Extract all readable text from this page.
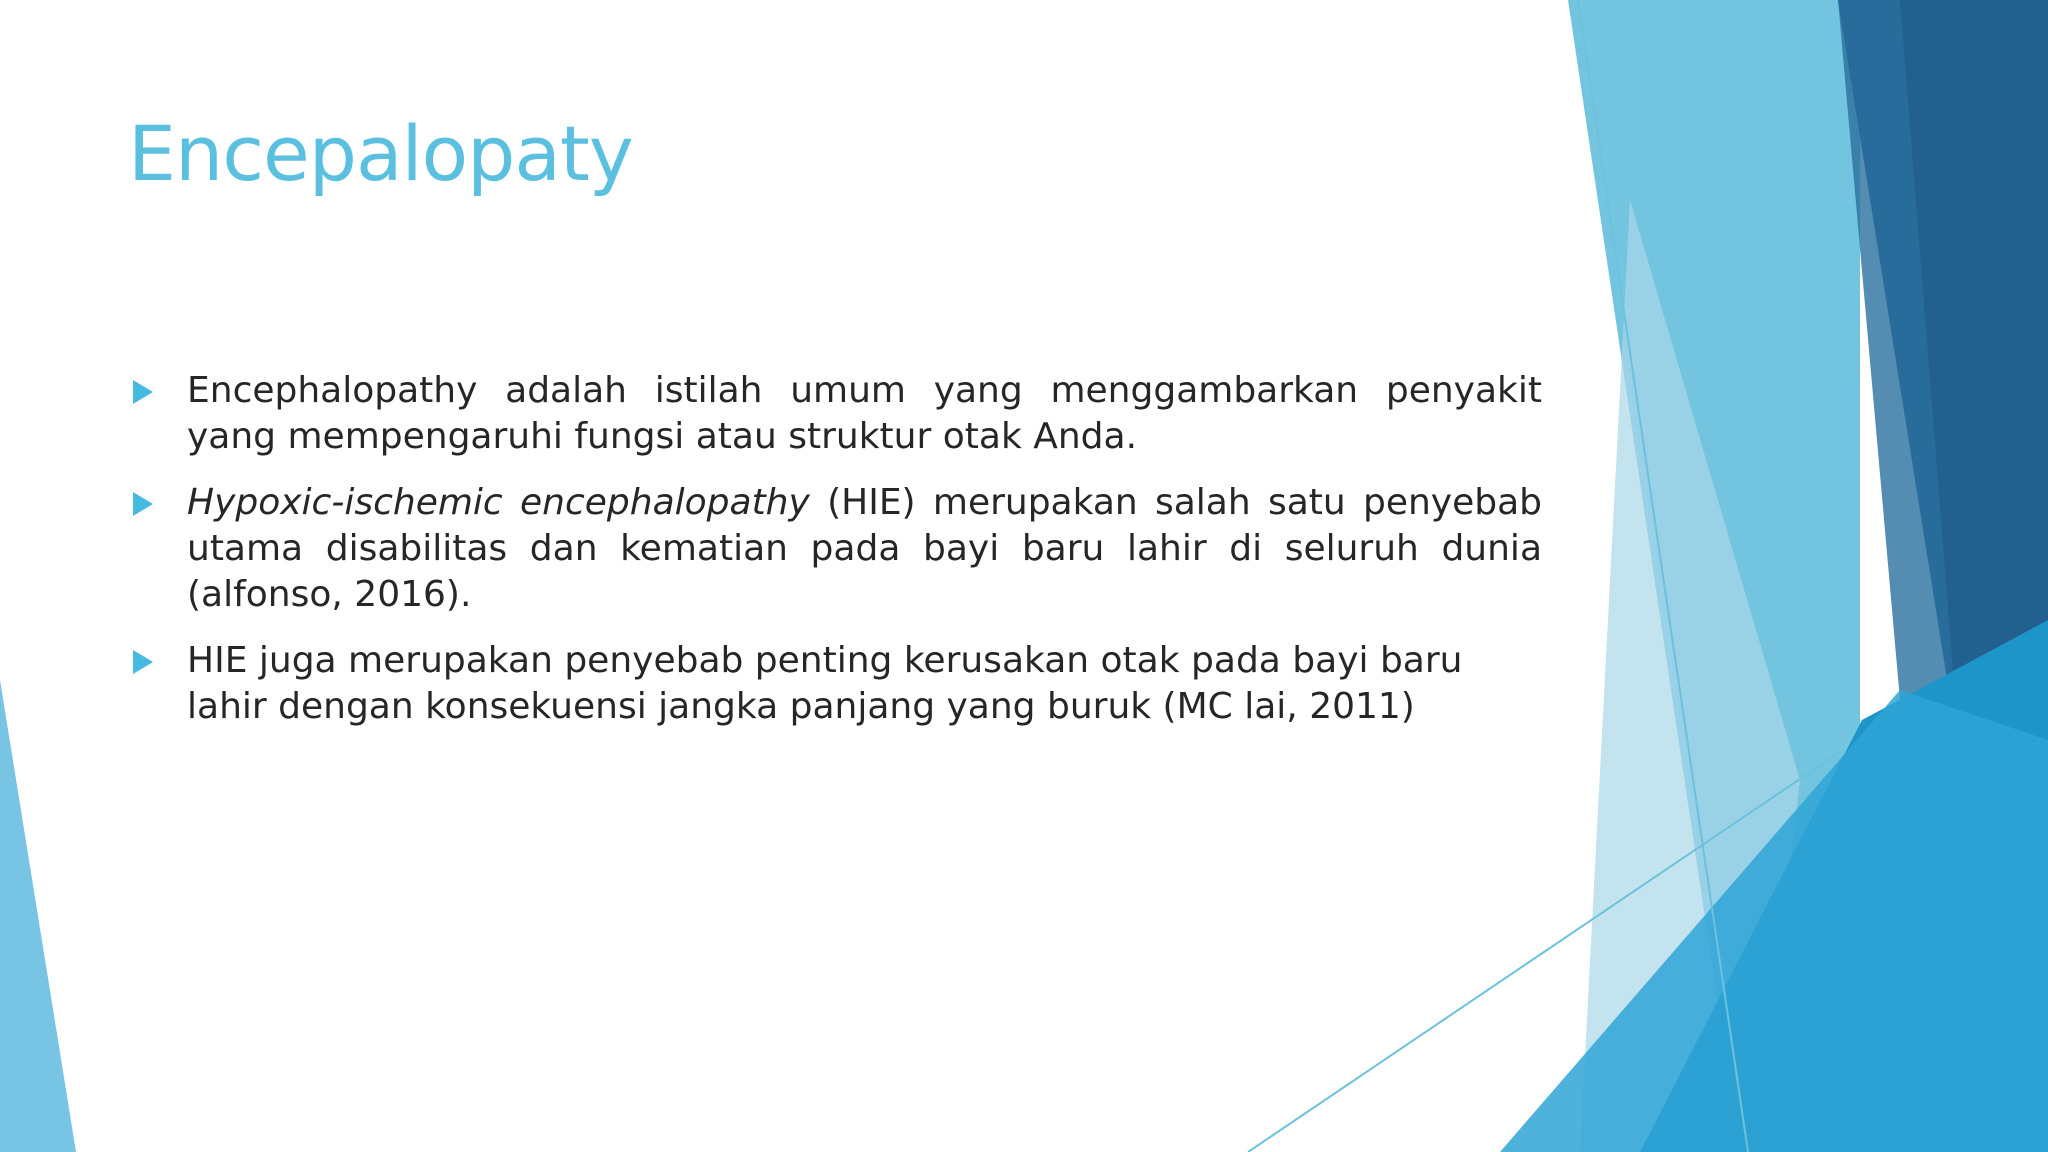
Encepalopaty
Encephalopathy adalah istilah umum yang menggambarkan penyakit yang mempengaruhi fungsi atau struktur otak Anda.
Hypoxic-ischemic encephalopathy (HIE) merupakan salah satu penyebab utama disabilitas dan kematian pada bayi baru lahir di seluruh dunia (alfonso, 2016).
HIE juga merupakan penyebab penting kerusakan otak pada bayi baru lahir dengan konsekuensi jangka panjang yang buruk (MC lai, 2011)
